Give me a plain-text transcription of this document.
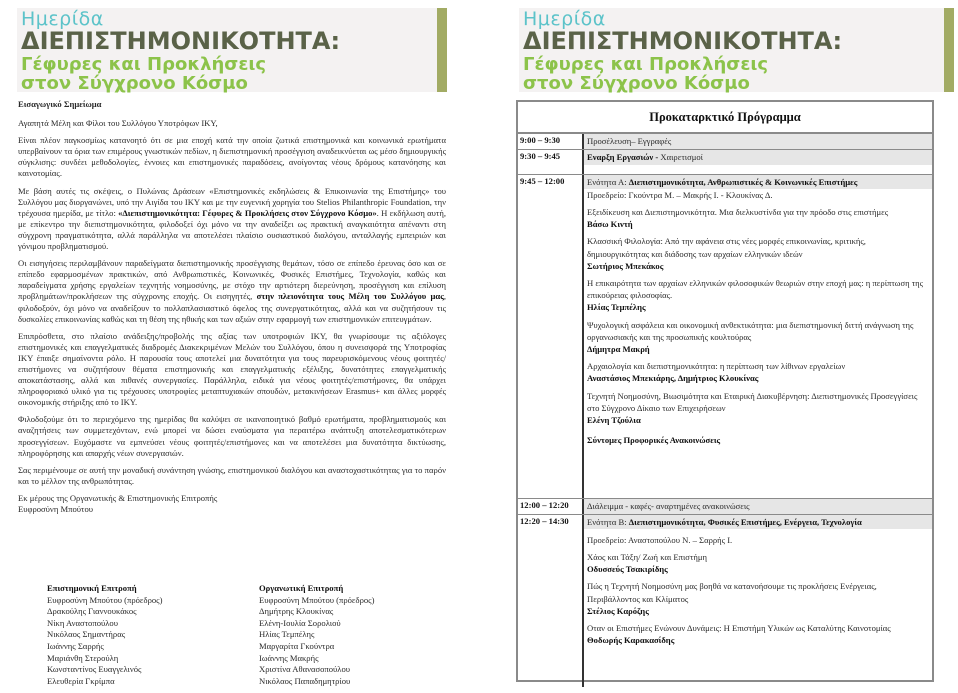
Ημερίδα
ΔΙΕΠΙΣΤΗΜΟΝΙΚΟΤΗΤΑ:
Γέφυρες και Προκλήσεις
στον Σύγχρονο Κόσμο

Εισαγωγικό Σημείωμα

Αγαπητά Μέλη και Φίλοι του Συλλόγου Υποτρόφων ΙΚΥ,

Είναι πλέον παγκοσμίως κατανοητό ότι σε μια εποχή κατά την οποία ζωτικά επιστημονικά και κοινωνικά ερωτήματα υπερβαίνουν τα όρια των επιμέρους γνωστικών πεδίων, η διεπιστημονική προσέγγιση αναδεικνύεται ως μέσο δημιουργικής σύγκλισης: συνδέει μεθοδολογίες, έννοιες και επιστημονικές παραδόσεις, ανοίγοντας νέους δρόμους κατανόησης και καινοτομίας.

Με βάση αυτές τις σκέψεις, ο Πυλώνας Δράσεων «Επιστημονικές εκδηλώσεις & Επικοινωνία της Επιστήμης» του Συλλόγου μας διοργανώνει, υπό την Αιγίδα του ΙΚΥ και με την ευγενική χορηγία του Stelios Philanthropic Foundation, την τρέχουσα ημερίδα, με τίτλο: «Διεπιστημονικότητα: Γέφυρες & Προκλήσεις στον Σύγχρονο Κόσμο». Η εκδήλωση αυτή, με επίκεντρο την διεπιστημονικότητα, φιλοδοξεί όχι μόνο να την αναδείξει ως πρακτική αναγκαιότητα απέναντι στη σύγχρονη πραγματικότητα, αλλά παράλληλα να αποτελέσει πλαίσιο ουσιαστικού διαλόγου, ανταλλαγής εμπειριών και γόνιμου προβληματισμού.

Οι εισηγήσεις περιλαμβάνουν παραδείγματα διεπιστημονικής προσέγγισης θεμάτων, τόσο σε επίπεδο έρευνας όσο και σε επίπεδο εφαρμοσμένων πρακτικών, από Ανθρωπιστικές, Κοινωνικές, Φυσικές Επιστήμες, Τεχνολογία, καθώς και παραδείγματα χρήσης εργαλείων τεχνητής νοημοσύνης, με στόχο την αρτιότερη διερεύνηση, προσέγγιση και επίλυση προβλημάτων/προκλήσεων της σύγχρονης εποχής. Οι εισηγητές, στην πλειονότητα τους Μέλη του Συλλόγου μας, φιλοδοξούν, όχι μόνο να αναδείξουν το πολλαπλασιαστικό όφελος της συνεργατικότητας, αλλά και να συζητήσουν τις δυσκολίες επικοινωνίας καθώς και τη θέση της ηθικής και των αξιών στην εφαρμογή των επιστημονικών επιτευγμάτων.

Επιπρόσθετα, στο πλαίσιο ανάδειξης/προβολής της αξίας των υποτροφιών ΙΚΥ, θα γνωρίσουμε τις αξιόλογες επιστημονικές και επαγγελματικές διαδρομές Διακεκριμένων Μελών του Συλλόγου, όπου η συνεισφορά της Υποτροφίας ΙΚΥ έπαιξε σημαίνοντα ρόλο. Η παρουσία τους αποτελεί μια δυνατότητα για τους παρευρισκόμενους νέους φοιτητές/επιστήμονες να συζητήσουν θέματα επιστημονικής και επαγγελματικής εξέλιξης, δυνατότητες επαγγελματικής αποκατάστασης, αλλά και πιθανές συνεργασίες. Παράλληλα, ειδικά για νέους φοιτητές/επιστήμονες, θα υπάρχει πληροφοριακό υλικό για τις τρέχουσες υποτροφίες μεταπτυχιακών σπουδών, μετακινήσεων Erasmus+ και άλλες μορφές οικονομικής στήριξης από το ΙΚΥ.

Φιλοδοξούμε ότι το περιεχόμενο της ημερίδας θα καλύψει σε ικανοποιητικό βαθμό ερωτήματα, προβληματισμούς και αναζητήσεις των συμμετεχόντων, ενώ μπορεί να δώσει εναύσματα για περαιτέρω ανάπτυξη αποτελεσματικότερων προσεγγίσεων. Ευχόμαστε να εμπνεύσει νέους φοιτητές/επιστήμονες και να αποτελέσει μια δυνατότητα δικτύωσης, πληροφόρησης και απαρχής νέων συνεργασιών.

Σας περιμένουμε σε αυτή την μοναδική συνάντηση γνώσης, επιστημονικού διαλόγου και αναστοχαστικότητας για το παρόν και το μέλλον της ανθρωπότητας.

Εκ μέρους της Οργανωτικής & Επιστημονικής Επιτροπής
Ευφροσύνη Μπούτου

Επιστημονική Επιτροπή
Ευφροσύνη Μπούτου (πρόεδρος)
Δρακούλης Γιαννουκάκος
Νίκη Αναστοπούλου
Νικόλαος Σημαντήρας
Ιωάννης Σαρρής
Μαριάνθη Στερούλη
Κωνσταντίνος Ευαγγελινός
Ελευθερία Γκρίμπα
Οργανωτική Επιτροπή
Ευφροσύνη Μπούτου (πρόεδρος)
Δημήτρης Κλουκίνας
Ελένη-Ιουλία Σορολιού
Ηλίας Τεμπέλης
Μαργαρίτα Γκούντρα
Ιωάννης Μακρής
Χριστίνα Αθανασοπούλου
Νικόλαος Παπαδημητρίου
Ημερίδα
ΔΙΕΠΙΣΤΗΜΟΝΙΚΟΤΗΤΑ:
Γέφυρες και Προκλήσεις
στον Σύγχρονο Κόσμο
Προκαταρκτικό Πρόγραμμα
9:00 – 9:30	Προσέλευση– Εγγραφές
9:30 – 9:45	Εναρξη Εργασιών - Χαιρετισμοί
9:45 – 12:00	Ενότητα Α: Διεπιστημονικότητα, Ανθρωπιστικές & Κοινωνικές Επιστήμες
Προεδρείο: Γκούντρα Μ. – Μακρής Ι. - Κλουκίνας Δ.
Εξειδίκευση και Διεπιστημονικότητα. Μια διελκυστίνδα για την πρόοδο στις επιστήμες
Βάσω Κιντή
Κλασσική Φιλολογία: Από την αφάνεια στις νέες μορφές επικοινωνίας, κριτικής, δημιουργικότητας και διάδοσης των αρχαίων ελληνικών ιδεών
Σωτήριος Μπεκάκος
Η επικαιρότητα των αρχαίων ελληνικών φιλοσοφικών θεωριών στην εποχή μας: η περίπτωση της επικούρειας φιλοσοφίας.
Ηλίας Τεμπέλης
Ψυχολογική ασφάλεια και οικονομική ανθεκτικότητα: μια διεπιστημονική διττή ανάγνωση της οργανωσιακής και της προσωπικής κουλτούρας
Δήμητρα Μακρή
Αρχαιολογία και διεπιστημονικότητα: η περίπτωση των λίθινων εργαλείων
Αναστάσιος Μπεκιάρης, Δημήτριος Κλουκίνας
Τεχνητή Νοημοσύνη, Βιωσιμότητα και Εταιρική Διακυβέρνηση: Διεπιστημονικές Προσεγγίσεις στο Σύγχρονο Δίκαιο των Επιχειρήσεων
Ελένη Τζούλια
Σύντομες Προφορικές Ανακοινώσεις
12:00 – 12:20	Διάλειμμα - καφές- αναρτημένες ανακοινώσεις
12:20 – 14:30	Ενότητα Β: Διεπιστημονικότητα, Φυσικές Επιστήμες, Ενέργεια, Τεχνολογία
Προεδρείο: Αναστοπούλου Ν. – Σαρρής Ι.
Χάος και Τάξη/ Ζωή και Επιστήμη
Οδυσσεύς Τσακιρίδης
Πώς η Τεχνητή Νοημοσύνη μας βοηθά να κατανοήσουμε τις προκλήσεις Ενέργειας, Περιβάλλοντος και Κλίματος
Στέλιος Καρόζης
Οταν οι Επιστήμες Ενώνουν Δυνάμεις: Η Επιστήμη Υλικών ως Καταλύτης Καινοτομίας
Θοδωρής Καρακασίδης
